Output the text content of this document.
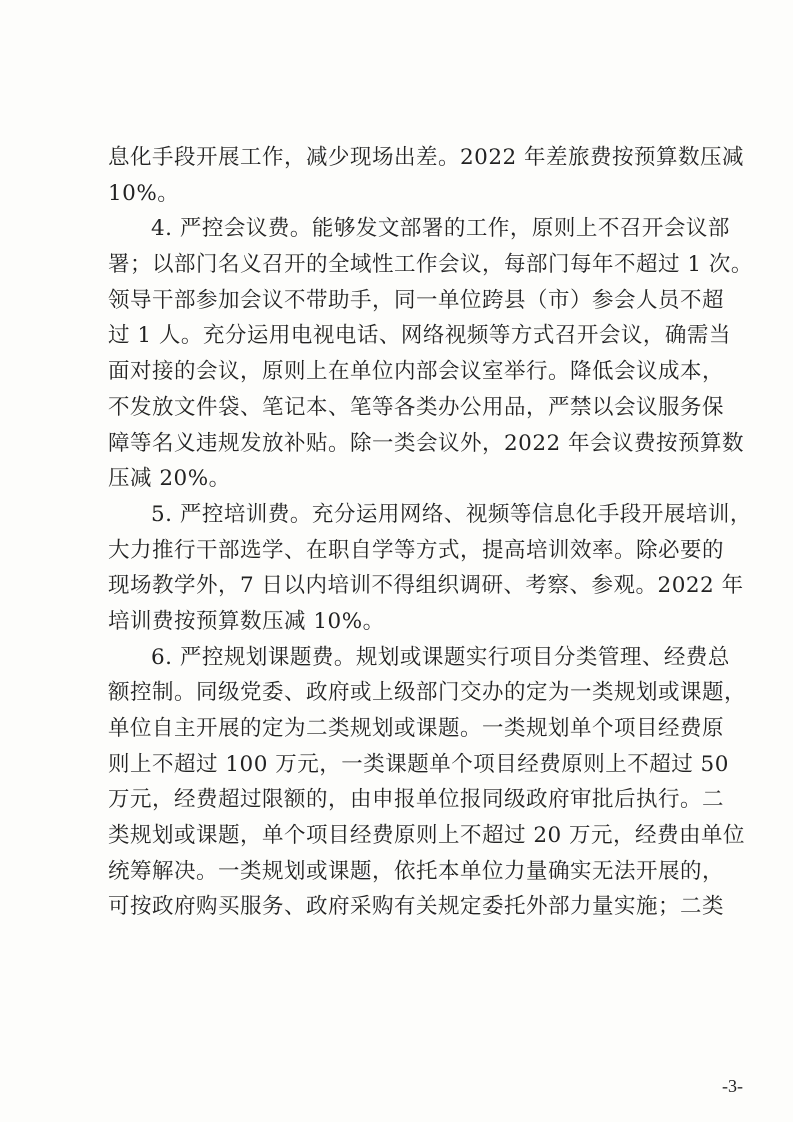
息化手段开展工作，减少现场出差。2022 年差旅费按预算数压减
10%。
4. 严控会议费。能够发文部署的工作，原则上不召开会议部
署；以部门名义召开的全域性工作会议，每部门每年不超过 1 次。
领导干部参加会议不带助手，同一单位跨县（市）参会人员不超
过 1 人。充分运用电视电话、网络视频等方式召开会议，确需当
面对接的会议，原则上在单位内部会议室举行。降低会议成本，
不发放文件袋、笔记本、笔等各类办公用品，严禁以会议服务保
障等名义违规发放补贴。除一类会议外，2022 年会议费按预算数
压减 20%。
5. 严控培训费。充分运用网络、视频等信息化手段开展培训，
大力推行干部选学、在职自学等方式，提高培训效率。除必要的
现场教学外，7 日以内培训不得组织调研、考察、参观。2022 年
培训费按预算数压减 10%。
6. 严控规划课题费。规划或课题实行项目分类管理、经费总
额控制。同级党委、政府或上级部门交办的定为一类规划或课题，
单位自主开展的定为二类规划或课题。一类规划单个项目经费原
则上不超过 100 万元，一类课题单个项目经费原则上不超过 50
万元，经费超过限额的，由申报单位报同级政府审批后执行。二
类规划或课题，单个项目经费原则上不超过 20 万元，经费由单位
统筹解决。一类规划或课题，依托本单位力量确实无法开展的，
可按政府购买服务、政府采购有关规定委托外部力量实施；二类
-3-
